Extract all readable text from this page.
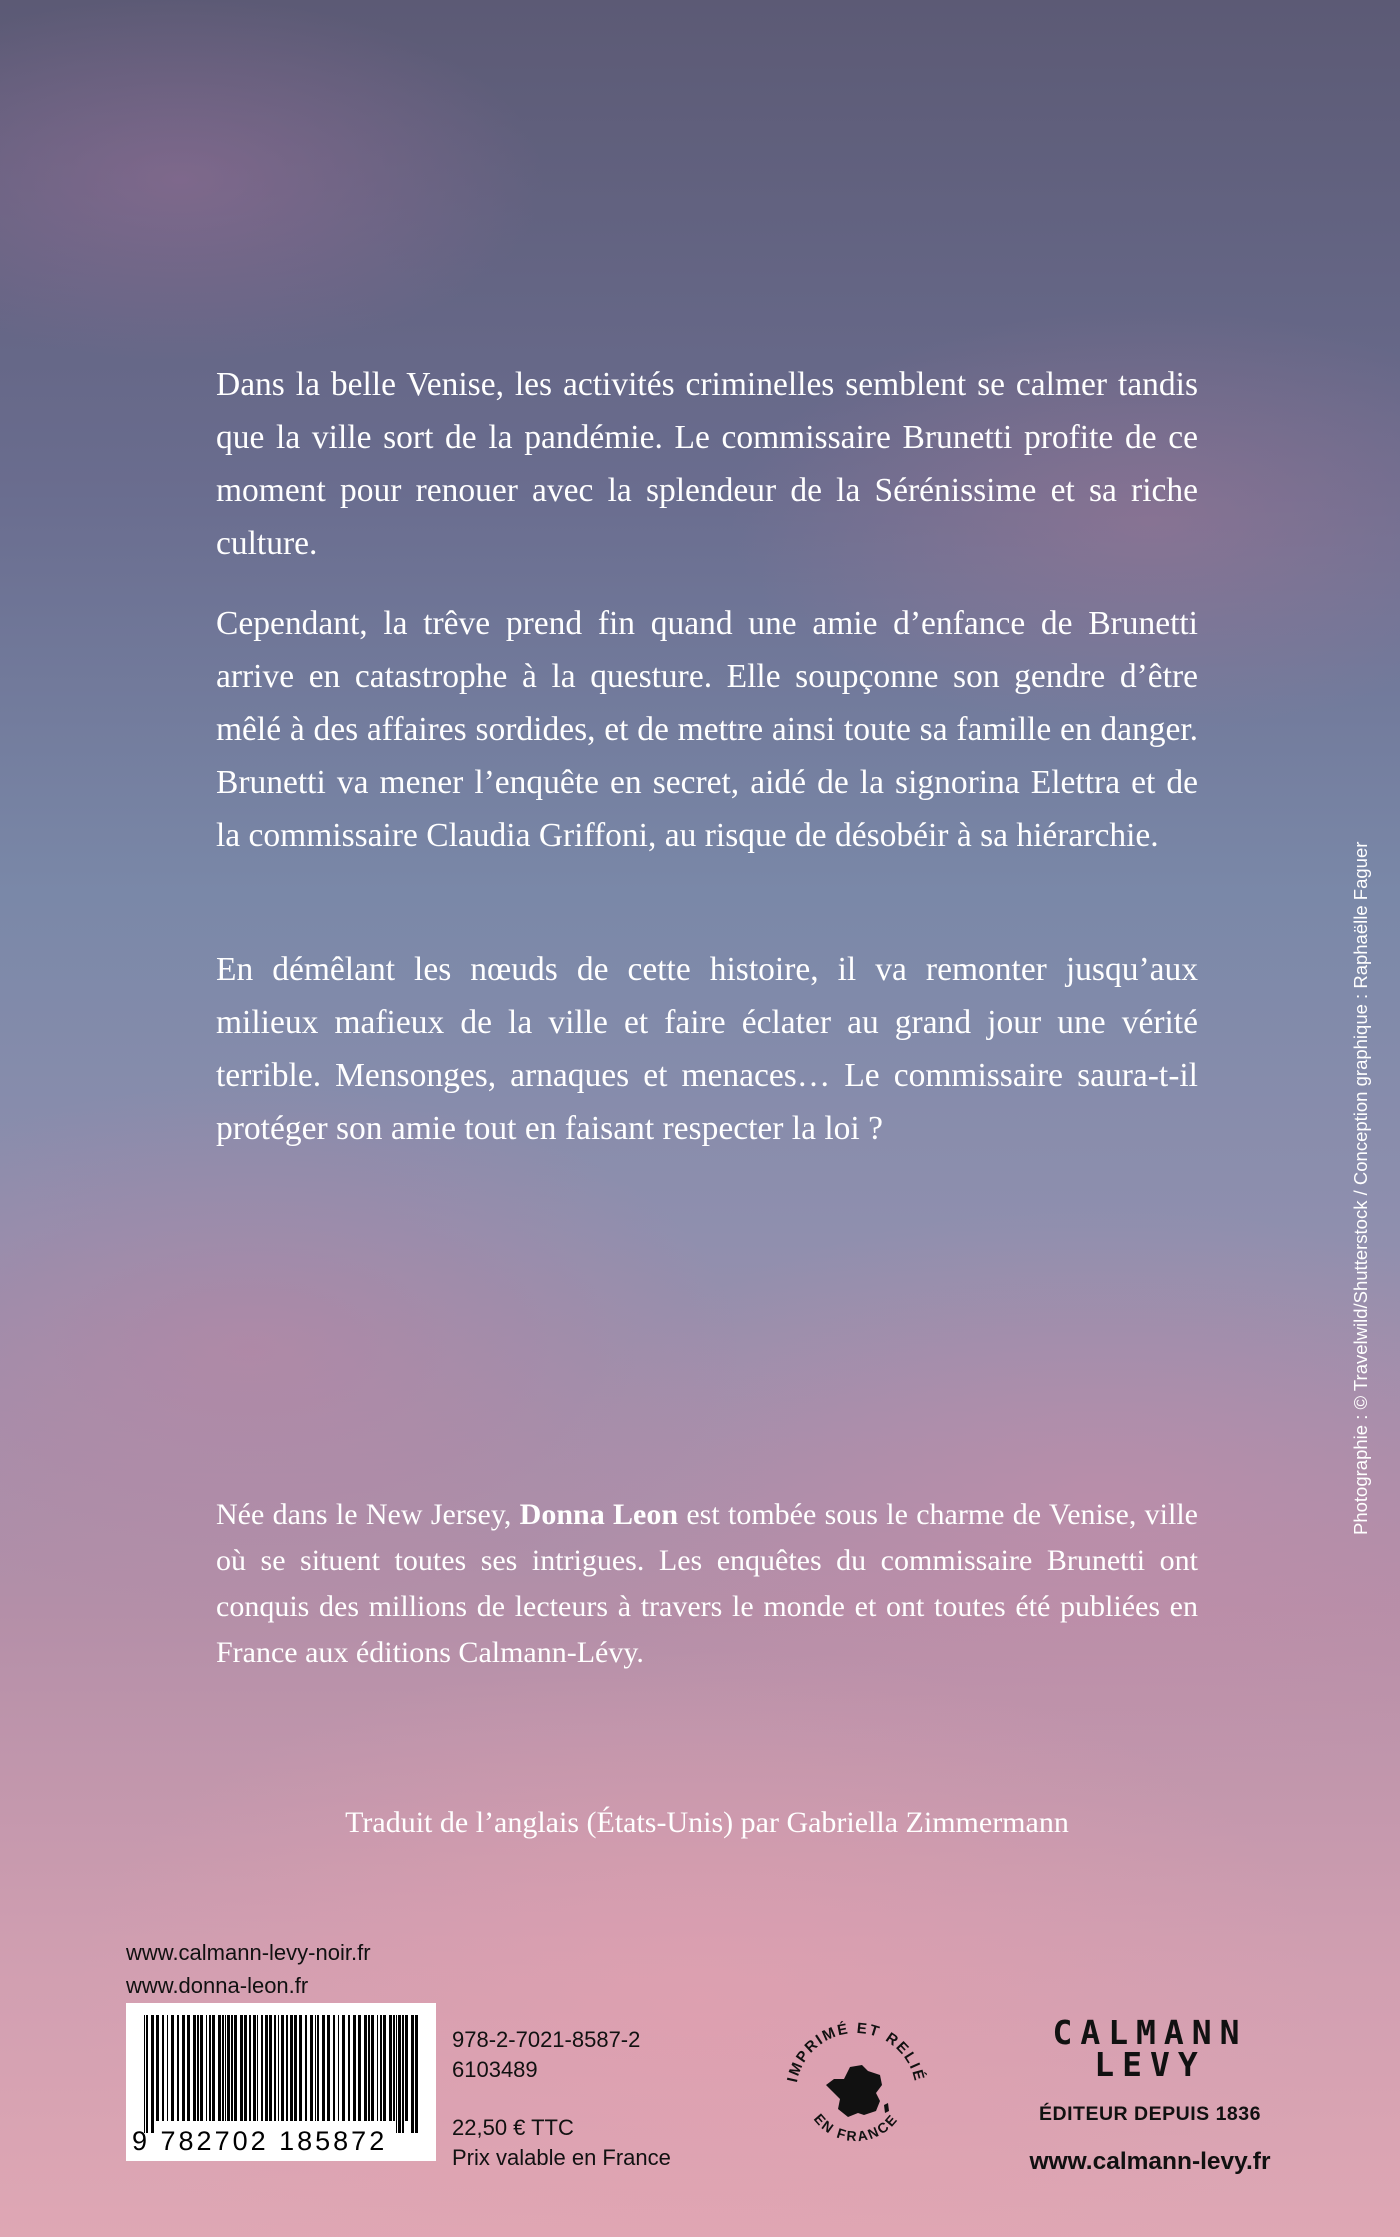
Dans la belle Venise, les activités criminelles semblent se calmer tandis que la ville sort de la pandémie. Le commissaire Brunetti profite de ce moment pour renouer avec la splendeur de la Sérénissime et sa riche culture.

Cependant, la trêve prend fin quand une amie d’enfance de Brunetti arrive en catastrophe à la questure. Elle soupçonne son gendre d’être mêlé à des affaires sordides, et de mettre ainsi toute sa famille en danger. Brunetti va mener l’enquête en secret, aidé de la signorina Elettra et de la commissaire Claudia Griffoni, au risque de désobéir à sa hiérarchie.

En démêlant les nœuds de cette histoire, il va remonter jusqu’aux milieux mafieux de la ville et faire éclater au grand jour une vérité terrible. Mensonges, arnaques et menaces… Le commissaire saura-t-il protéger son amie tout en faisant respecter la loi ?

Née dans le New Jersey, Donna Leon est tombée sous le charme de Venise, ville où se situent toutes ses intrigues. Les enquêtes du commissaire Brunetti ont conquis des millions de lecteurs à travers le monde et ont toutes été publiées en France aux éditions Calmann-Lévy.

Traduit de l’anglais (États-Unis) par Gabriella Zimmermann
Photographie : © Travelwild/Shutterstock / Conception graphique : Raphaëlle Faguer
www.calmann-levy-noir.fr
www.donna-leon.fr
9 782702 185872
978-2-7021-8587-2
6103489
22,50 € TTC
Prix valable en France
IMPRIMÉ ET RELIÉ
EN FRANCE
CALMANN
LEVY
ÉDITEUR DEPUIS 1836
www.calmann-levy.fr
